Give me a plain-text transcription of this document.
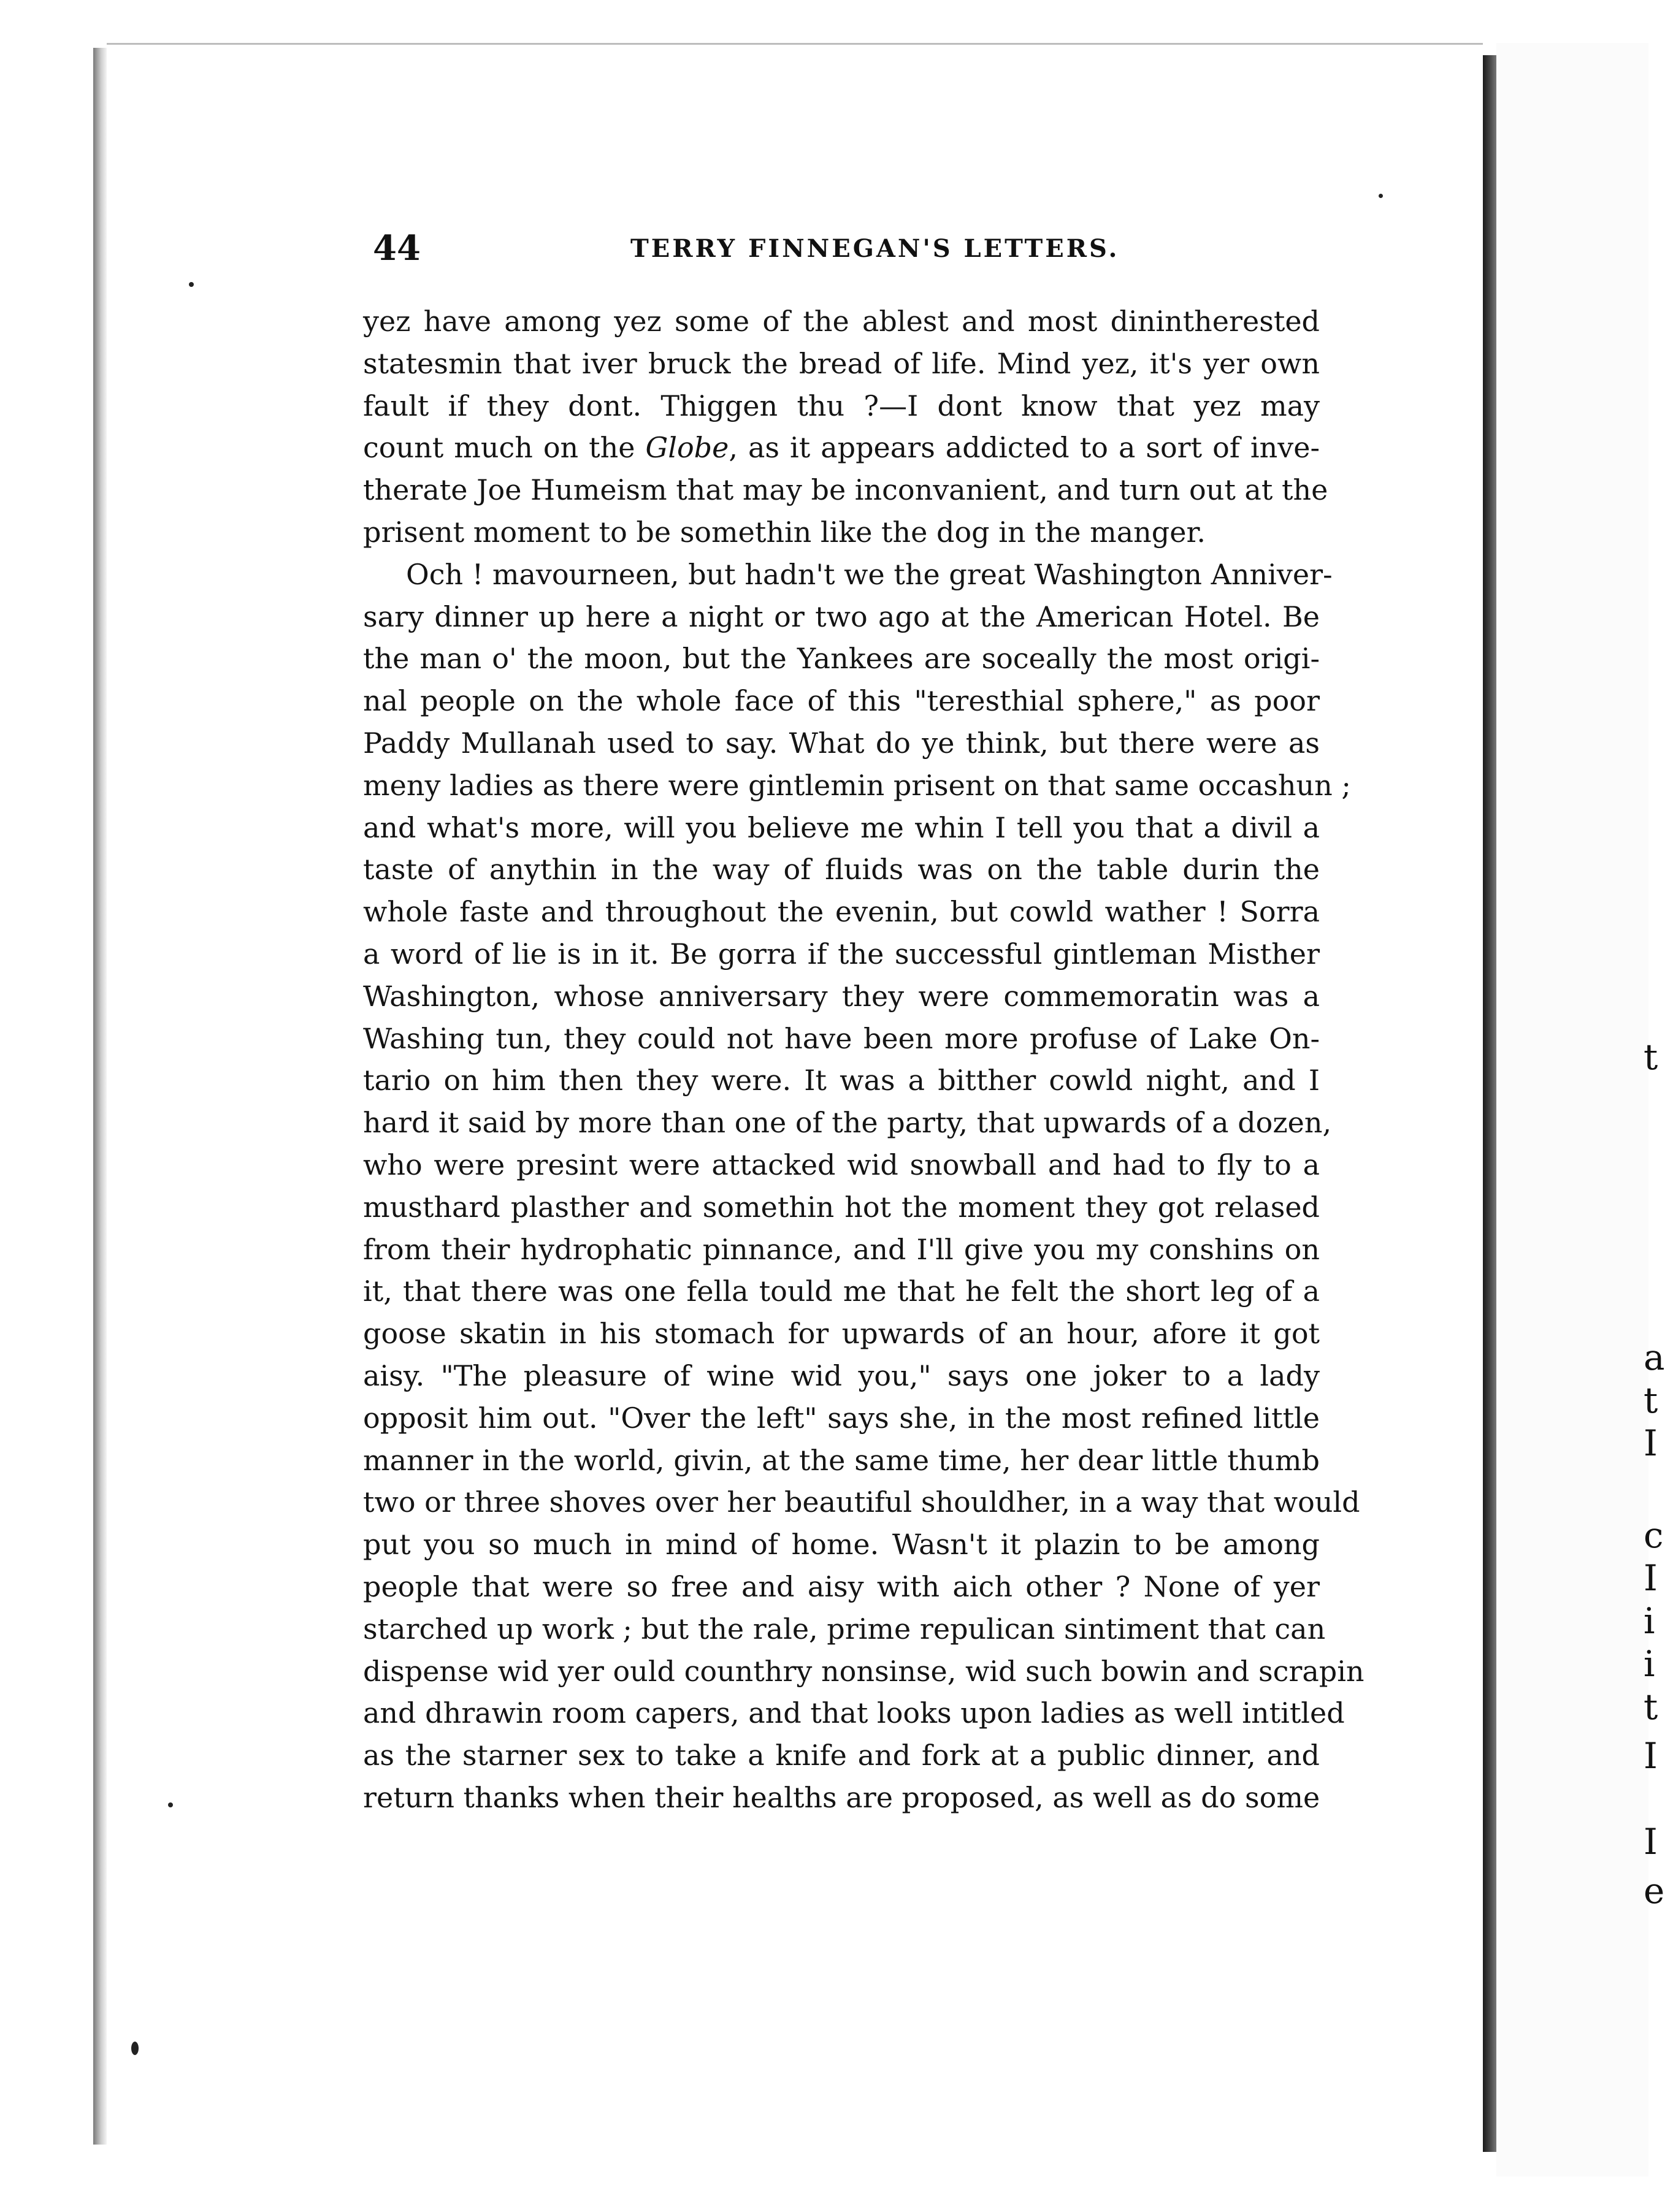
t
a
t
I
c
I
i
i
t
I
I
e
44	TERRY FINNEGAN'S LETTERS.
yez have among yez some of the ablest and most dinintherested
statesmin that iver bruck the bread of life. Mind yez, it's yer own
fault if they dont. Thiggen thu ?—I dont know that yez may
count much on the Globe, as it appears addicted to a sort of inve-
therate Joe Humeism that may be inconvanient, and turn out at the
prisent moment to be somethin like the dog in the manger.
Och ! mavourneen, but hadn't we the great Washington Anniver-
sary dinner up here a night or two ago at the American Hotel. Be
the man o' the moon, but the Yankees are soceally the most origi-
nal people on the whole face of this "teresthial sphere," as poor
Paddy Mullanah used to say. What do ye think, but there were as
meny ladies as there were gintlemin prisent on that same occashun ;
and what's more, will you believe me whin I tell you that a divil a
taste of anythin in the way of fluids was on the table durin the
whole faste and throughout the evenin, but cowld wather ! Sorra
a word of lie is in it. Be gorra if the successful gintleman Misther
Washington, whose anniversary they were commemoratin was a
Washing tun, they could not have been more profuse of Lake On-
tario on him then they were. It was a bitther cowld night, and I
hard it said by more than one of the party, that upwards of a dozen,
who were presint were attacked wid snowball and had to fly to a
musthard plasther and somethin hot the moment they got relased
from their hydrophatic pinnance, and I'll give you my conshins on
it, that there was one fella tould me that he felt the short leg of a
goose skatin in his stomach for upwards of an hour, afore it got
aisy. "The pleasure of wine wid you," says one joker to a lady
opposit him out. "Over the left" says she, in the most refined little
manner in the world, givin, at the same time, her dear little thumb
two or three shoves over her beautiful shouldher, in a way that would
put you so much in mind of home. Wasn't it plazin to be among
people that were so free and aisy with aich other ? None of yer
starched up work ; but the rale, prime repulican sintiment that can
dispense wid yer ould counthry nonsinse, wid such bowin and scrapin
and dhrawin room capers, and that looks upon ladies as well intitled
as the starner sex to take a knife and fork at a public dinner, and
return thanks when their healths are proposed, as well as do some
